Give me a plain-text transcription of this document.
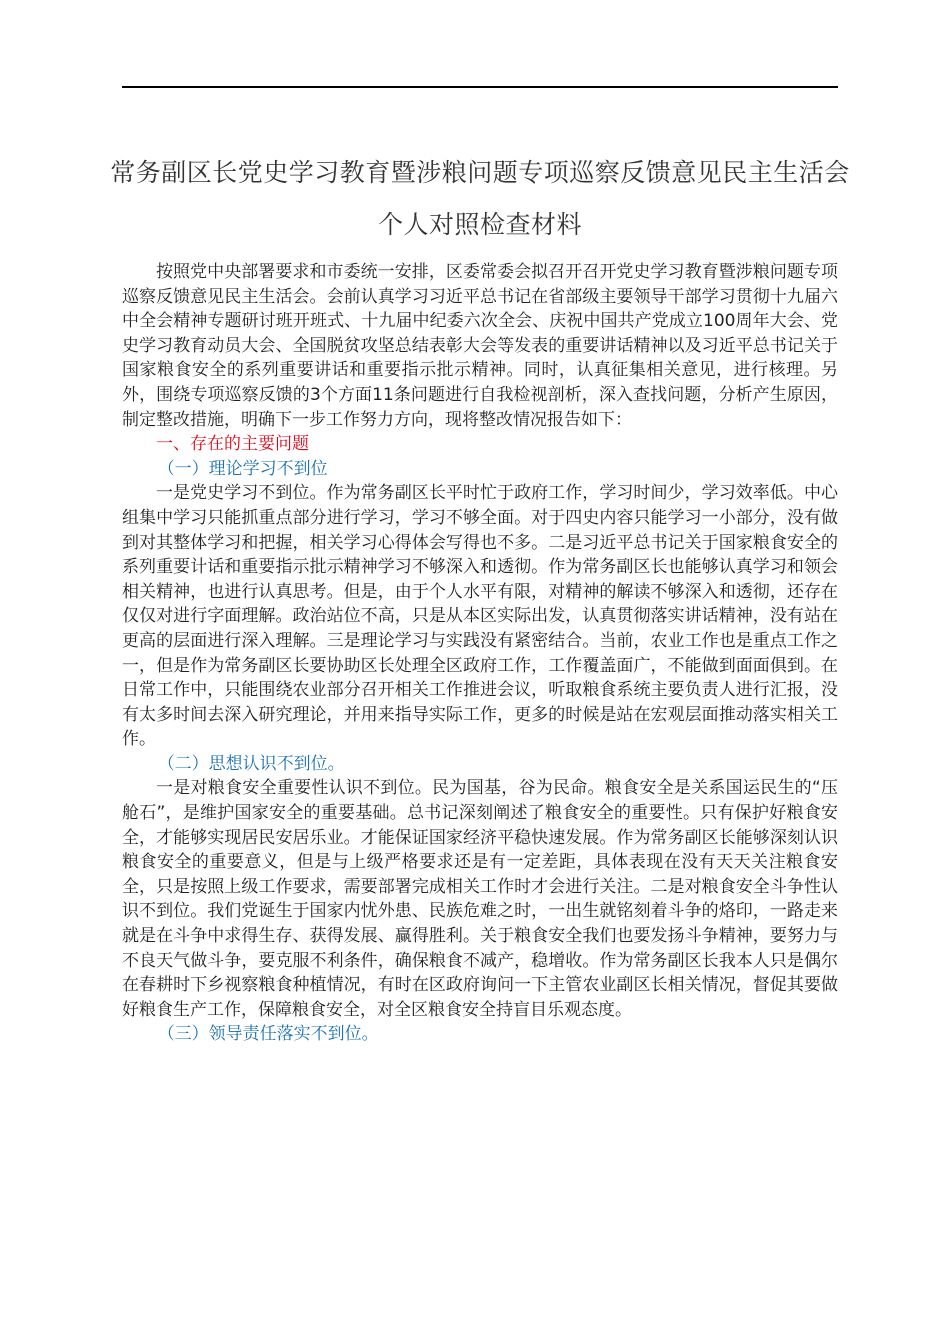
常务副区长党史学习教育暨涉粮问题专项巡察反馈意见民主生活会个人对照检查材料

按照党中央部署要求和市委统一安排，区委常委会拟召开召开党史学习教育暨涉粮问题专项巡察反馈意见民主生活会。会前认真学习习近平总书记在省部级主要领导干部学习贯彻十九届六中全会精神专题研讨班开班式、十九届中纪委六次全会、庆祝中国共产党成立100周年大会、党史学习教育动员大会、全国脱贫攻坚总结表彰大会等发表的重要讲话精神以及习近平总书记关于国家粮食安全的系列重要讲话和重要指示批示精神。同时，认真征集相关意见，进行核理。另外，围绕专项巡察反馈的3个方面11条问题进行自我检视剖析，深入查找问题，分析产生原因，制定整改措施，明确下一步工作努力方向，现将整改情况报告如下：

一、存在的主要问题

（一）理论学习不到位

一是党史学习不到位。作为常务副区长平时忙于政府工作，学习时间少，学习效率低。中心组集中学习只能抓重点部分进行学习，学习不够全面。对于四史内容只能学习一小部分，没有做到对其整体学习和把握，相关学习心得体会写得也不多。二是习近平总书记关于国家粮食安全的系列重要计话和重要指示批示精神学习不够深入和透彻。作为常务副区长也能够认真学习和领会相关精神，也进行认真思考。但是，由于个人水平有限，对精神的解读不够深入和透彻，还存在仅仅对进行字面理解。政治站位不高，只是从本区实际出发，认真贯彻落实讲话精神，没有站在更高的层面进行深入理解。三是理论学习与实践没有紧密结合。当前，农业工作也是重点工作之一，但是作为常务副区长要协助区长处理全区政府工作，工作覆盖面广，不能做到面面俱到。在日常工作中，只能围绕农业部分召开相关工作推进会议，听取粮食系统主要负责人进行汇报，没有太多时间去深入研究理论，并用来指导实际工作，更多的时候是站在宏观层面推动落实相关工作。

（二）思想认识不到位。

一是对粮食安全重要性认识不到位。民为国基，谷为民命。粮食安全是关系国运民生的“压舱石”，是维护国家安全的重要基础。总书记深刻阐述了粮食安全的重要性。只有保护好粮食安全，才能够实现居民安居乐业。才能保证国家经济平稳快速发展。作为常务副区长能够深刻认识粮食安全的重要意义，但是与上级严格要求还是有一定差距，具体表现在没有天天关注粮食安全，只是按照上级工作要求，需要部署完成相关工作时才会进行关注。二是对粮食安全斗争性认识不到位。我们党诞生于国家内忧外患、民族危难之时，一出生就铭刻着斗争的烙印，一路走来就是在斗争中求得生存、获得发展、赢得胜利。关于粮食安全我们也要发扬斗争精神，要努力与不良天气做斗争，要克服不利条件，确保粮食不减产，稳增收。作为常务副区长我本人只是偶尔在春耕时下乡视察粮食种植情况，有时在区政府询问一下主管农业副区长相关情况，督促其要做好粮食生产工作，保障粮食安全，对全区粮食安全持盲目乐观态度。

（三）领导责任落实不到位。
